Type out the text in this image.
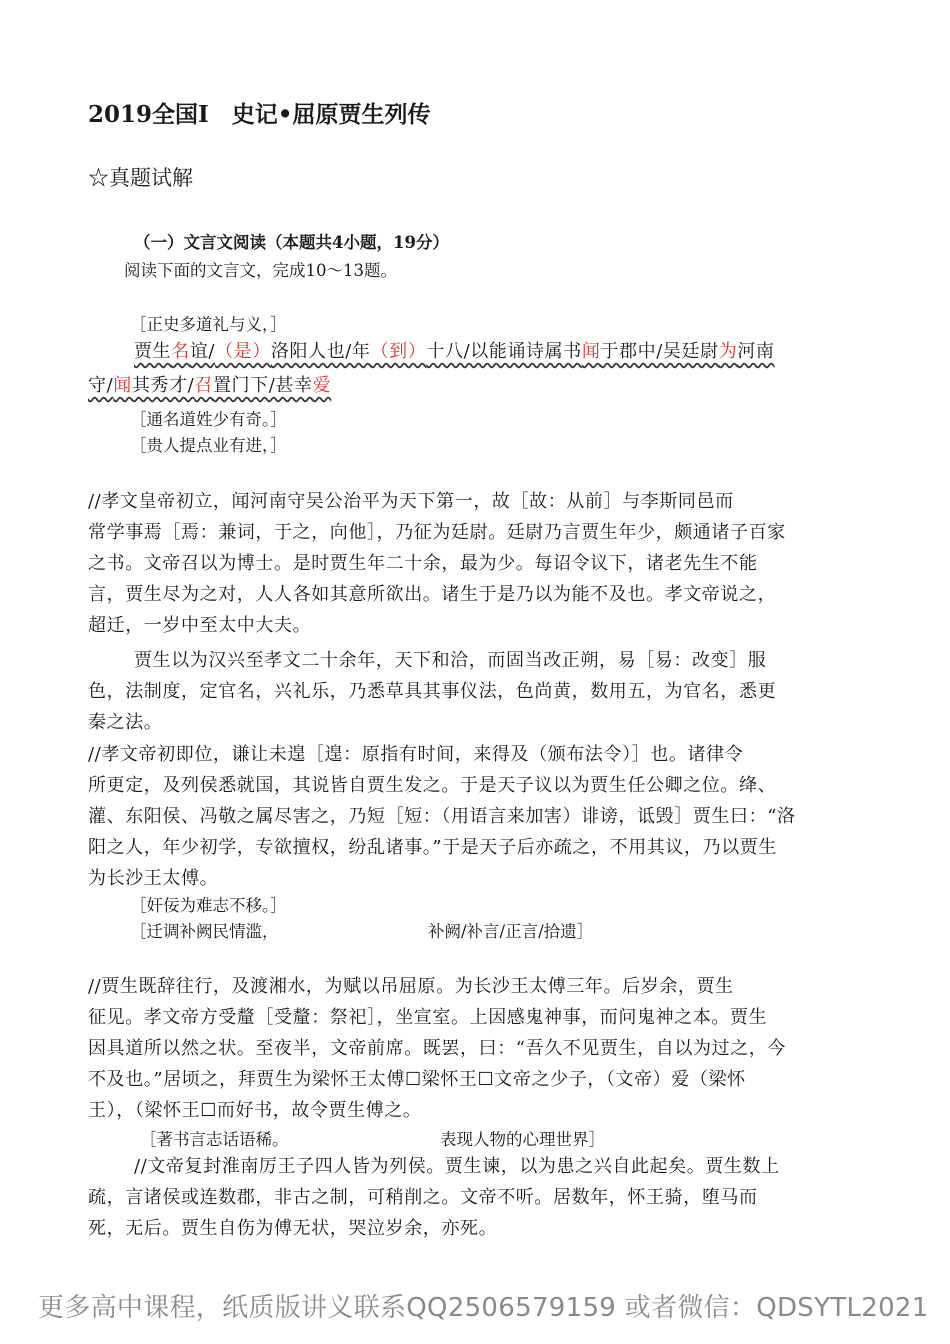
2019全国I　史记•屈原贾生列传
☆真题试解
（一）文言文阅读（本题共4小题，19分）
阅读下面的文言文，完成10～13题。
［正史多道礼与义，］
贾生名谊/（是）洛阳人也/年（到）十八/以能诵诗属书闻于郡中/吴廷尉为河南
守/闻其秀才/召置门下/甚幸爱
［通名道姓少有奇。］
［贵人提点业有进，］
//孝文皇帝初立，闻河南守吴公治平为天下第一，故［故：从前］与李斯同邑而
常学事焉［焉：兼词，于之，向他］，乃征为廷尉。廷尉乃言贾生年少，颇通诸子百家
之书。文帝召以为博士。是时贾生年二十余，最为少。每诏令议下，诸老先生不能
言，贾生尽为之对，人人各如其意所欲出。诸生于是乃以为能不及也。孝文帝说之，
超迁，一岁中至太中大夫。
贾生以为汉兴至孝文二十余年，天下和洽，而固当改正朔，易［易：改变］服
色，法制度，定官名，兴礼乐，乃悉草具其事仪法，色尚黄，数用五，为官名，悉更
秦之法。
//孝文帝初即位，谦让未遑［遑：原指有时间，来得及（颁布法令）］也。诸律令
所更定，及列侯悉就国，其说皆自贾生发之。于是天子议以为贾生任公卿之位。绛、
灌、东阳侯、冯敬之属尽害之，乃短［短：（用语言来加害）诽谤，诋毁］贾生曰：“洛
阳之人，年少初学，专欲擅权，纷乱诸事。”于是天子后亦疏之，不用其议，乃以贾生
为长沙王太傅。
［奸佞为难志不移。］
［迁调补阙民情滥，	补阙/补言/正言/拾遗］
//贾生既辞往行，及渡湘水，为赋以吊屈原。为长沙王太傅三年。后岁余，贾生
征见。孝文帝方受釐［受釐：祭祀］，坐宣室。上因感鬼神事，而问鬼神之本。贾生
因具道所以然之状。至夜半，文帝前席。既罢，曰：“吾久不见贾生，自以为过之，今
不及也。”居顷之，拜贾生为梁怀王太傅☐梁怀王☐文帝之少子，（文帝）爱（梁怀
王），（梁怀王☐而好书，故令贾生傅之。
［著书言志话语稀。	表现人物的心理世界］
//文帝复封淮南厉王子四人皆为列侯。贾生谏，以为患之兴自此起矣。贾生数上
疏，言诸侯或连数郡，非古之制，可稍削之。文帝不听。居数年，怀王骑，堕马而
死，无后。贾生自伤为傅无状，哭泣岁余，亦死。
更多高中课程，纸质版讲义联系QQ2506579159 或者微信：QDSYTL2021
